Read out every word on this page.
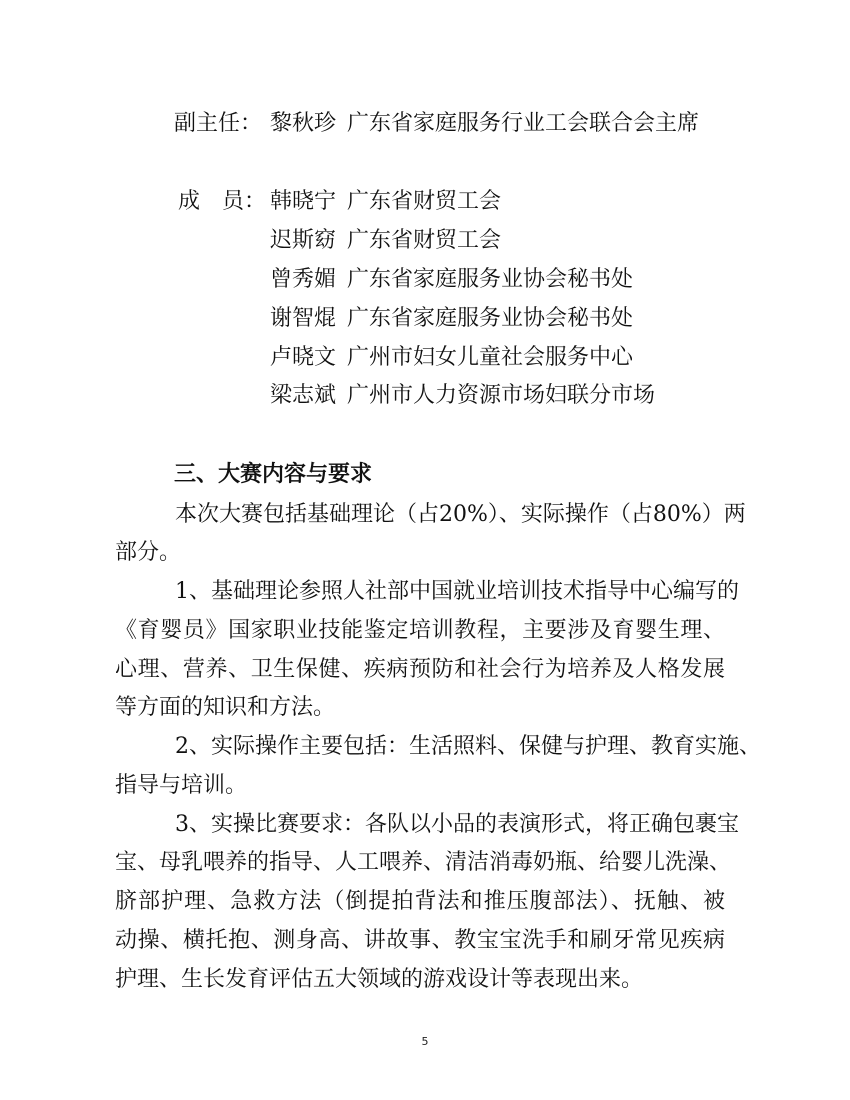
副主任： 黎秋珍 广东省家庭服务行业工会联合会主席
成　员： 韩晓宁 广东省财贸工会
迟斯窈 广东省财贸工会
曾秀媚 广东省家庭服务业协会秘书处
谢智焜 广东省家庭服务业协会秘书处
卢晓文 广州市妇女儿童社会服务中心
梁志斌 广州市人力资源市场妇联分市场
三、大赛内容与要求
本次大赛包括基础理论（占20%）、实际操作（占80%）两
部分。
1、基础理论参照人社部中国就业培训技术指导中心编写的
《育婴员》国家职业技能鉴定培训教程，主要涉及育婴生理、
心理、营养、卫生保健、疾病预防和社会行为培养及人格发展
等方面的知识和方法。
2、实际操作主要包括：生活照料、保健与护理、教育实施、
指导与培训。
3、实操比赛要求：各队以小品的表演形式，将正确包裹宝
宝、母乳喂养的指导、人工喂养、清洁消毒奶瓶、给婴儿洗澡、
脐部护理、急救方法（倒提拍背法和推压腹部法）、抚触、被
动操、横托抱、测身高、讲故事、教宝宝洗手和刷牙常见疾病
护理、生长发育评估五大领域的游戏设计等表现出来。
5
